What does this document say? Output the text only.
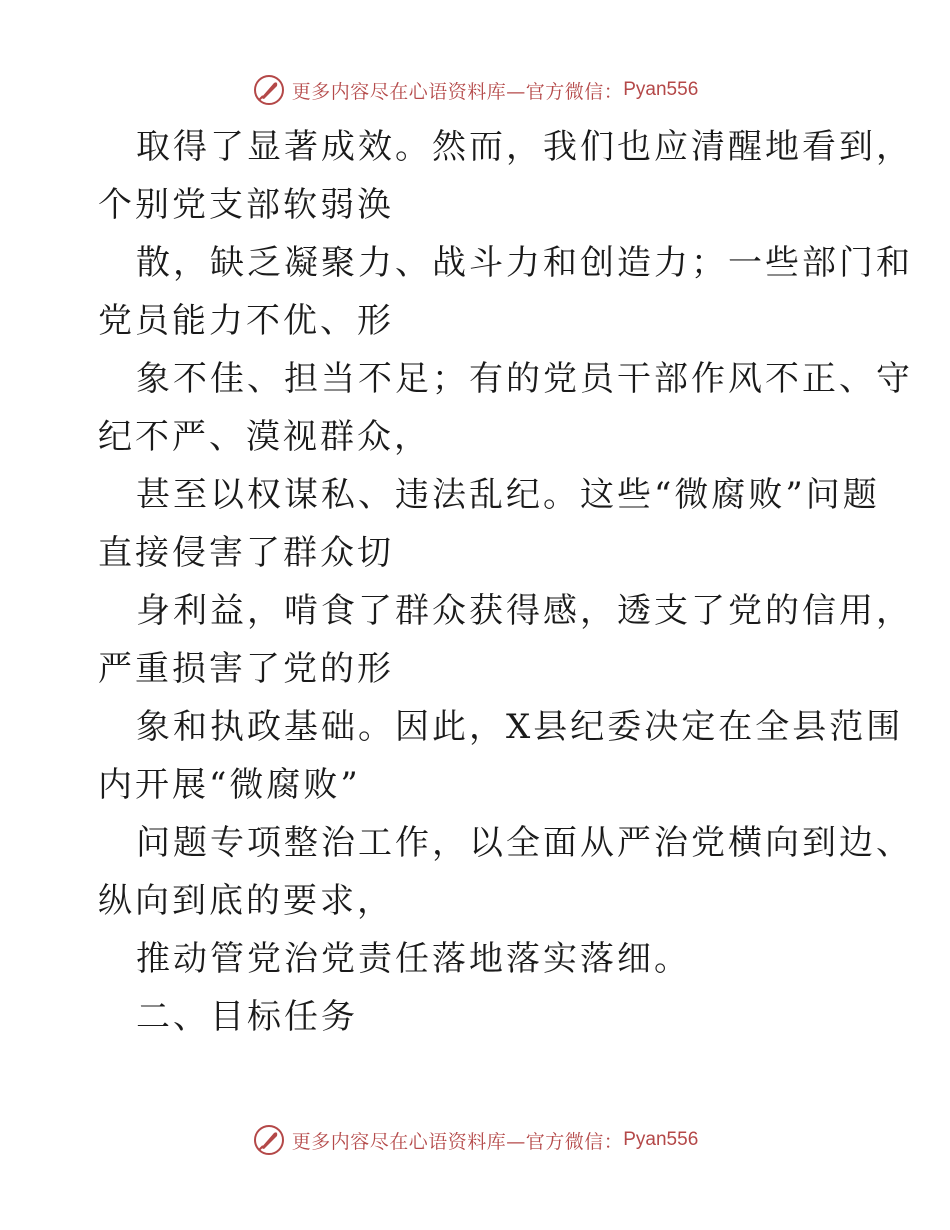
更多内容尽在心语资料库—官方微信： Pyan556

取得了显著成效。然而，我们也应清醒地看到，

个别党支部软弱涣

散，缺乏凝聚力、战斗力和创造力；一些部门和

党员能力不优、形

象不佳、担当不足；有的党员干部作风不正、守

纪不严、漠视群众，

甚至以权谋私、违法乱纪。这些“微腐败”问题

直接侵害了群众切

身利益，啃食了群众获得感，透支了党的信用，

严重损害了党的形

象和执政基础。因此，X县纪委决定在全县范围

内开展“微腐败”

问题专项整治工作，以全面从严治党横向到边、

纵向到底的要求，

推动管党治党责任落地落实落细。

二、目标任务

更多内容尽在心语资料库—官方微信： Pyan556
